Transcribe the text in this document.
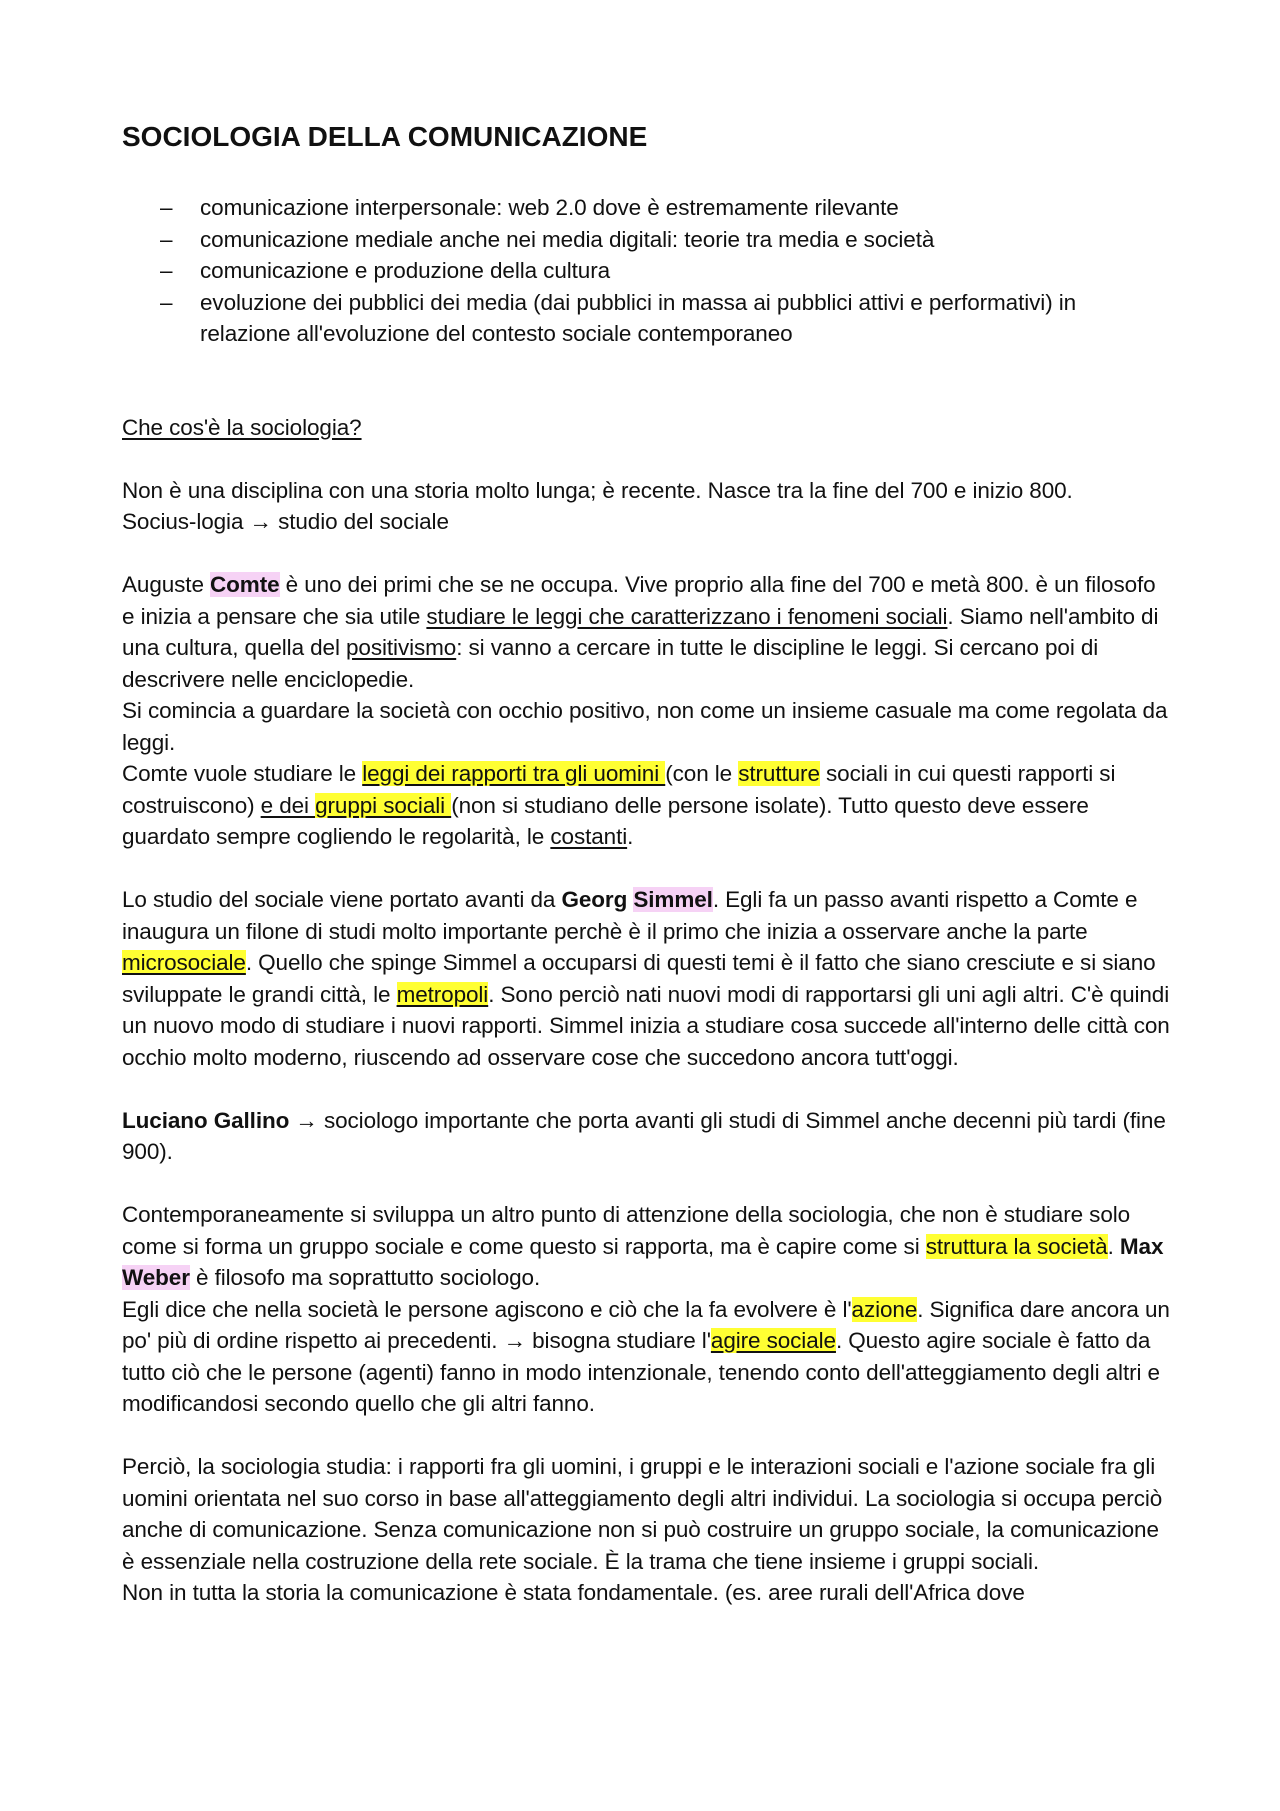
SOCIOLOGIA DELLA COMUNICAZIONE
– comunicazione interpersonale: web 2.0 dove è estremamente rilevante
– comunicazione mediale anche nei media digitali: teorie tra media e società
– comunicazione e produzione della cultura
– evoluzione dei pubblici dei media (dai pubblici in massa ai pubblici attivi e performativi) in relazione all'evoluzione del contesto sociale contemporaneo

Che cos'è la sociologia?

Non è una disciplina con una storia molto lunga; è recente. Nasce tra la fine del 700 e inizio 800.
Socius-logia → studio del sociale

Auguste Comte è uno dei primi che se ne occupa. Vive proprio alla fine del 700 e metà 800. è un filosofo e inizia a pensare che sia utile studiare le leggi che caratterizzano i fenomeni sociali. Siamo nell'ambito di una cultura, quella del positivismo: si vanno a cercare in tutte le discipline le leggi. Si cercano poi di descrivere nelle enciclopedie.
Si comincia a guardare la società con occhio positivo, non come un insieme casuale ma come regolata da leggi.
Comte vuole studiare le leggi dei rapporti tra gli uomini (con le strutture sociali in cui questi rapporti si costruiscono) e dei gruppi sociali (non si studiano delle persone isolate). Tutto questo deve essere guardato sempre cogliendo le regolarità, le costanti.

Lo studio del sociale viene portato avanti da Georg Simmel. Egli fa un passo avanti rispetto a Comte e inaugura un filone di studi molto importante perchè è il primo che inizia a osservare anche la parte microsociale. Quello che spinge Simmel a occuparsi di questi temi è il fatto che siano cresciute e si siano sviluppate le grandi città, le metropoli. Sono perciò nati nuovi modi di rapportarsi gli uni agli altri. C'è quindi un nuovo modo di studiare i nuovi rapporti. Simmel inizia a studiare cosa succede all'interno delle città con occhio molto moderno, riuscendo ad osservare cose che succedono ancora tutt'oggi.

Luciano Gallino → sociologo importante che porta avanti gli studi di Simmel anche decenni più tardi (fine 900).

Contemporaneamente si sviluppa un altro punto di attenzione della sociologia, che non è studiare solo come si forma un gruppo sociale e come questo si rapporta, ma è capire come si struttura la società. Max Weber è filosofo ma soprattutto sociologo.
Egli dice che nella società le persone agiscono e ciò che la fa evolvere è l'azione. Significa dare ancora un po' più di ordine rispetto ai precedenti. → bisogna studiare l'agire sociale. Questo agire sociale è fatto da tutto ciò che le persone (agenti) fanno in modo intenzionale, tenendo conto dell'atteggiamento degli altri e modificandosi secondo quello che gli altri fanno.

Perciò, la sociologia studia: i rapporti fra gli uomini, i gruppi e le interazioni sociali e l'azione sociale fra gli uomini orientata nel suo corso in base all'atteggiamento degli altri individui. La sociologia si occupa perciò anche di comunicazione. Senza comunicazione non si può costruire un gruppo sociale, la comunicazione è essenziale nella costruzione della rete sociale. È la trama che tiene insieme i gruppi sociali.
Non in tutta la storia la comunicazione è stata fondamentale. (es. aree rurali dell'Africa dove
